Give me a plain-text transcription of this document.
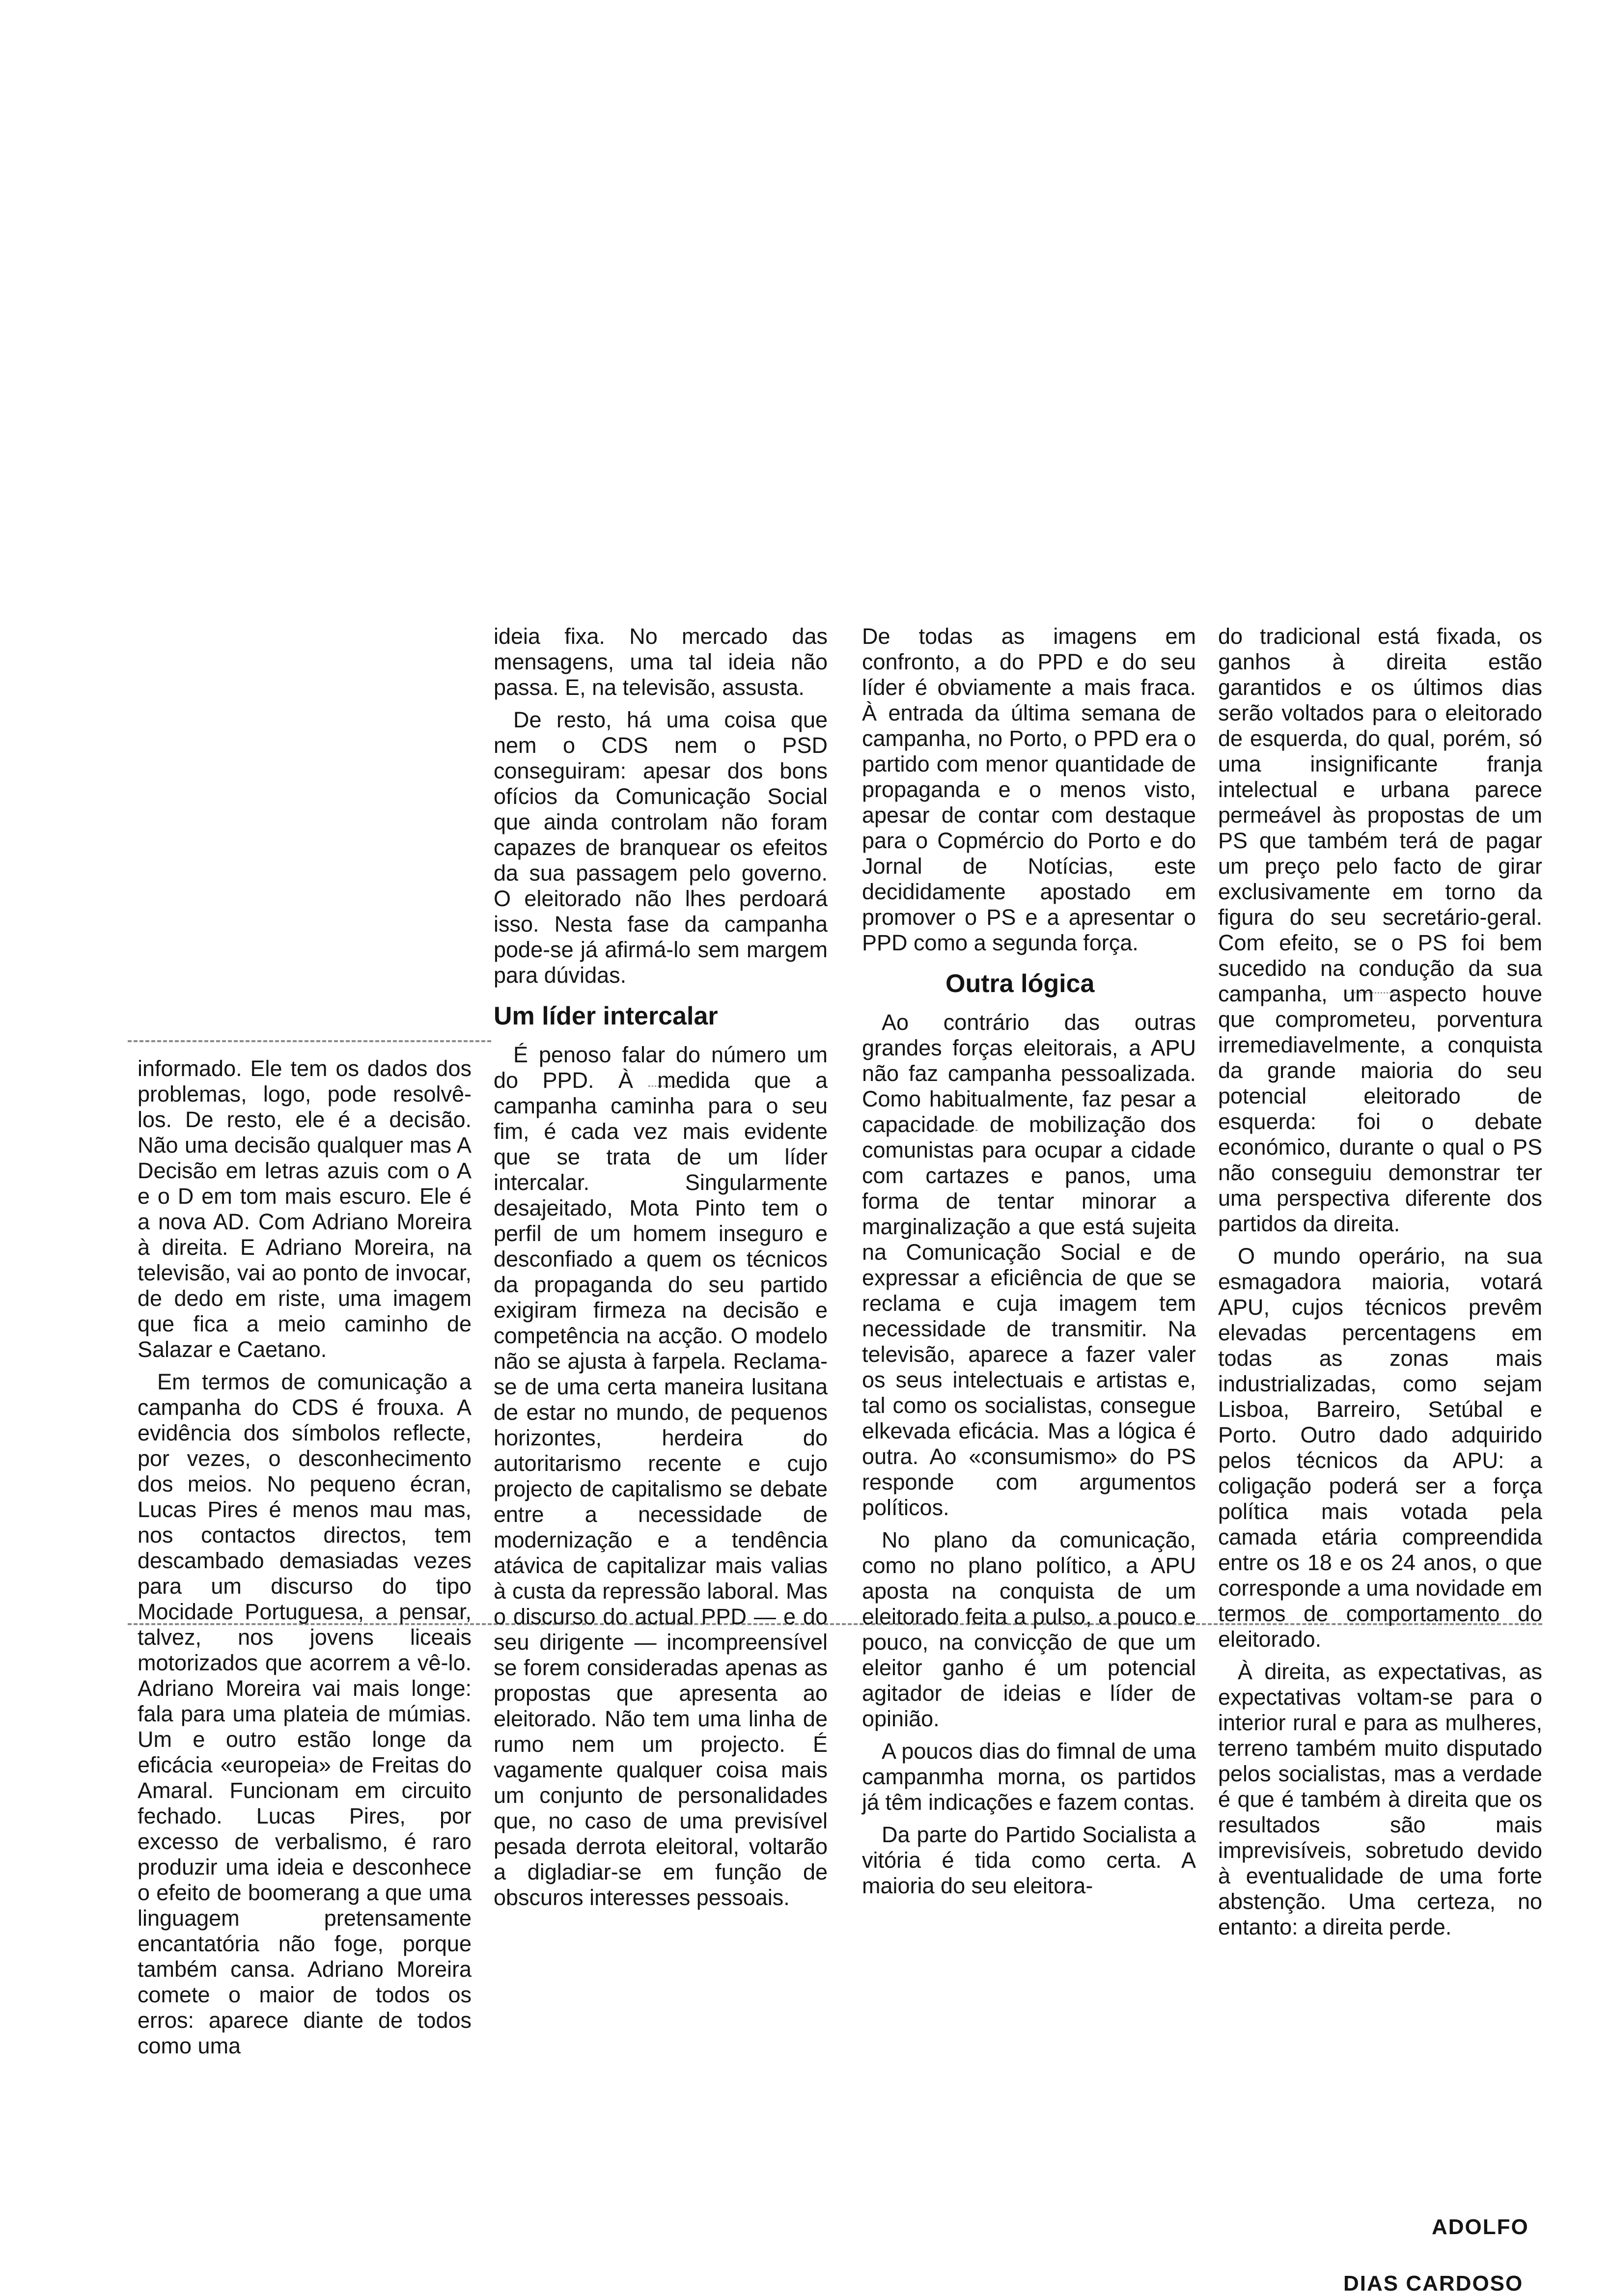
informado. Ele tem os dados dos problemas, logo, pode resolvê-los. De resto, ele é a decisão. Não uma decisão qualquer mas A Decisão em letras azuis com o A e o D em tom mais escuro. Ele é a nova AD. Com Adriano Moreira à direita. E Adriano Moreira, na televisão, vai ao ponto de invocar, de dedo em riste, uma imagem que fica a meio caminho de Salazar e Caetano.

Em termos de comunicação a campanha do CDS é frouxa. A evidência dos símbolos reflecte, por vezes, o desconhecimento dos meios. No pequeno écran, Lucas Pires é menos mau mas, nos contactos directos, tem descambado demasiadas vezes para um discurso do tipo Mocidade Portuguesa, a pensar, talvez, nos jovens liceais motorizados que acorrem a vê-lo. Adriano Moreira vai mais longe: fala para uma plateia de múmias. Um e outro estão longe da eficácia «europeia» de Freitas do Amaral. Funcionam em circuito fechado. Lucas Pires, por excesso de verbalismo, é raro produzir uma ideia e desconhece o efeito de boomerang a que uma linguagem pretensamente encantatória não foge, porque também cansa. Adriano Moreira comete o maior de todos os erros: aparece diante de todos como uma

ideia fixa. No mercado das mensagens, uma tal ideia não passa. E, na televisão, assusta.

De resto, há uma coisa que nem o CDS nem o PSD conseguiram: apesar dos bons ofícios da Comunicação Social que ainda controlam não foram capazes de branquear os efeitos da sua passagem pelo governo. O eleitorado não lhes perdoará isso. Nesta fase da campanha pode-se já afirmá-lo sem margem para dúvidas.

Um líder intercalar

É penoso falar do número um do PPD. À medida que a campanha caminha para o seu fim, é cada vez mais evidente que se trata de um líder intercalar. Singularmente desajeitado, Mota Pinto tem o perfil de um homem inseguro e desconfiado a quem os técnicos da propaganda do seu partido exigiram firmeza na decisão e competência na acção. O modelo não se ajusta à farpela. Reclama-se de uma certa maneira lusitana de estar no mundo, de pequenos horizontes, herdeira do autoritarismo recente e cujo projecto de capitalismo se debate entre a necessidade de modernização e a tendência atávica de capitalizar mais valias à custa da repressão laboral. Mas o discurso do actual PPD — e do seu dirigente — incompreensível se forem consideradas apenas as propostas que apresenta ao eleitorado. Não tem uma linha de rumo nem um projecto. É vagamente qualquer coisa mais um conjunto de personalidades que, no caso de uma previsível pesada derrota eleitoral, voltarão a digladiar-se em função de obscuros interesses pessoais.

De todas as imagens em confronto, a do PPD e do seu líder é obviamente a mais fraca. À entrada da última semana de campanha, no Porto, o PPD era o partido com menor quantidade de propaganda e o menos visto, apesar de contar com destaque para o Copmércio do Porto e do Jornal de Notícias, este decididamente apostado em promover o PS e a apresentar o PPD como a segunda força.

Outra lógica

Ao contrário das outras grandes forças eleitorais, a APU não faz campanha pessoalizada. Como habitualmente, faz pesar a capacidade de mobilização dos comunistas para ocupar a cidade com cartazes e panos, uma forma de tentar minorar a marginalização a que está sujeita na Comunicação Social e de expressar a eficiência de que se reclama e cuja imagem tem necessidade de transmitir. Na televisão, aparece a fazer valer os seus intelectuais e artistas e, tal como os socialistas, consegue elkevada eficácia. Mas a lógica é outra. Ao «consumismo» do PS responde com argumentos políticos.

No plano da comunicação, como no plano político, a APU aposta na conquista de um eleitorado feita a pulso, a pouco e pouco, na convicção de que um eleitor ganho é um potencial agitador de ideias e líder de opinião.

A poucos dias do fimnal de uma campanmha morna, os partidos já têm indicações e fazem contas.

Da parte do Partido Socialista a vitória é tida como certa. A maioria do seu eleitora-

do tradicional está fixada, os ganhos à direita estão garantidos e os últimos dias serão voltados para o eleitorado de esquerda, do qual, porém, só uma insignificante franja intelectual e urbana parece permeável às propostas de um PS que também terá de pagar um preço pelo facto de girar exclusivamente em torno da figura do seu secretário-geral. Com efeito, se o PS foi bem sucedido na condução da sua campanha, um aspecto houve que comprometeu, porventura irremediavelmente, a conquista da grande maioria do seu potencial eleitorado de esquerda: foi o debate económico, durante o qual o PS não conseguiu demonstrar ter uma perspectiva diferente dos partidos da direita.

O mundo operário, na sua esmagadora maioria, votará APU, cujos técnicos prevêm elevadas percentagens em todas as zonas mais industrializadas, como sejam Lisboa, Barreiro, Setúbal e Porto. Outro dado adquirido pelos técnicos da APU: a coligação poderá ser a força política mais votada pela camada etária compreendida entre os 18 e os 24 anos, o que corresponde a uma novidade em termos de comportamento do eleitorado.

À direita, as expectativas, as expectativas voltam-se para o interior rural e para as mulheres, terreno também muito disputado pelos socialistas, mas a verdade é que é também à direita que os resultados são mais imprevisíveis, sobretudo devido à eventualidade de uma forte abstenção. Uma certeza, no entanto: a direita perde.

ADOLFO
DIAS CARDOSO
